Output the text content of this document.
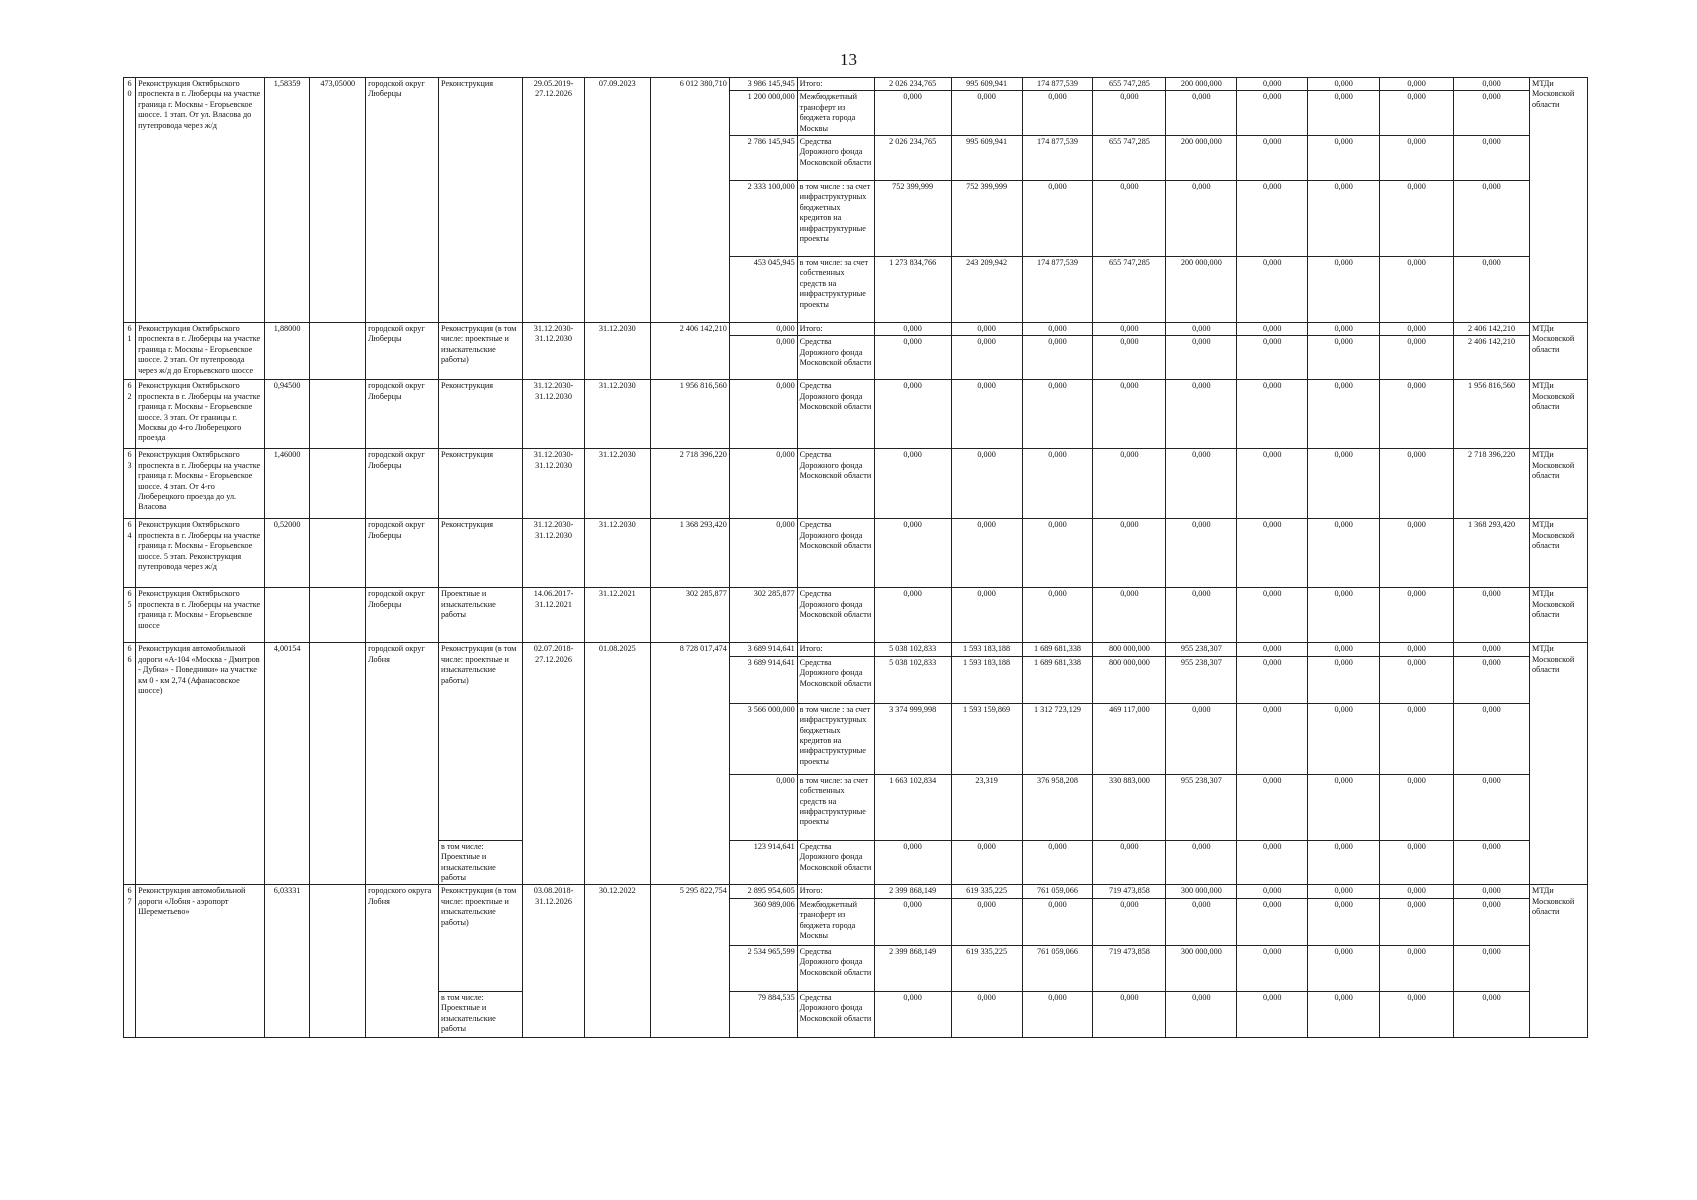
13
60	Реконструкция Октябрьского проспекта в г. Люберцы на участке граница г. Москвы - Егорьевское шоссе. 1 этап. От ул. Власова до путепровода через ж/д	1,58359	473,05000	городской округ Люберцы	Реконструкция	29.05.2019-27.12.2026	07.09.2023	6 012 380,710	3 986 145,945	Итого:	2 026 234,765	995 609,941	174 877,539	655 747,285	200 000,000	0,000	0,000	0,000	0,000	МТДи Московской области
									1 200 000,000	Межбюджетный трансферт из бюджета города Москвы	0,000	0,000	0,000	0,000	0,000	0,000	0,000	0,000	0,000	
									2 786 145,945	Средства Дорожного фонда Московской области	2 026 234,765	995 609,941	174 877,539	655 747,285	200 000,000	0,000	0,000	0,000	0,000	
									2 333 100,000	в том числе : за счет инфраструктурных бюджетных кредитов на инфраструктурные проекты	752 399,999	752 399,999	0,000	0,000	0,000	0,000	0,000	0,000	0,000	
									453 045,945	в том числе: за счет собственных средств на инфраструктурные проекты	1 273 834,766	243 209,942	174 877,539	655 747,285	200 000,000	0,000	0,000	0,000	0,000	
61	Реконструкция Октябрьского проспекта в г. Люберцы на участке граница г. Москвы - Егорьевское шоссе. 2 этап. От путепровода через ж/д до Егорьевского шоссе	1,88000		городской округ Люберцы	Реконструкция (в том числе: проектные и изыскательские работы)	31.12.2030-31.12.2030	31.12.2030	2 406 142,210	0,000	Итого:	0,000	0,000	0,000	0,000	0,000	0,000	0,000	0,000	2 406 142,210	МТДи Московской области
									0,000	Средства Дорожного фонда Московской области	0,000	0,000	0,000	0,000	0,000	0,000	0,000	0,000	2 406 142,210	
62	Реконструкция Октябрьского проспекта в г. Люберцы на участке граница г. Москвы - Егорьевское шоссе. 3 этап. От границы г. Москвы до 4-го Люберецкого проезда	0,94500		городской округ Люберцы	Реконструкция	31.12.2030-31.12.2030	31.12.2030	1 956 816,560	0,000	Средства Дорожного фонда Московской области	0,000	0,000	0,000	0,000	0,000	0,000	0,000	0,000	1 956 816,560	МТДи Московской области
63	Реконструкция Октябрьского проспекта в г. Люберцы на участке граница г. Москвы - Егорьевское шоссе. 4 этап. От 4-го Люберецкого проезда до ул. Власова	1,46000		городской округ Люберцы	Реконструкция	31.12.2030-31.12.2030	31.12.2030	2 718 396,220	0,000	Средства Дорожного фонда Московской области	0,000	0,000	0,000	0,000	0,000	0,000	0,000	0,000	2 718 396,220	МТДи Московской области
64	Реконструкция Октябрьского проспекта в г. Люберцы на участке граница г. Москвы - Егорьевское шоссе. 5 этап. Реконструкция путепровода через ж/д	0,52000		городской округ Люберцы	Реконструкция	31.12.2030-31.12.2030	31.12.2030	1 368 293,420	0,000	Средства Дорожного фонда Московской области	0,000	0,000	0,000	0,000	0,000	0,000	0,000	0,000	1 368 293,420	МТДи Московской области
65	Реконструкция Октябрьского проспекта в г. Люберцы на участке граница г. Москвы - Егорьевское шоссе			городской округ Люберцы	Проектные и изыскательские работы	14.06.2017-31.12.2021	31.12.2021	302 285,877	302 285,877	Средства Дорожного фонда Московской области	0,000	0,000	0,000	0,000	0,000	0,000	0,000	0,000	0,000	МТДи Московской области
66	Реконструкция автомобильной дороги «А-104 «Москва - Дмитров - Дубна» - Поведники» на участке км 0 - км 2,74 (Афанасовское шоссе)	4,00154		городской округ Лобня	Реконструкция (в том числе: проектные и изыскательские работы)	02.07.2018-27.12.2026	01.08.2025	8 728 017,474	3 689 914,641	Итого:	5 038 102,833	1 593 183,188	1 689 681,338	800 000,000	955 238,307	0,000	0,000	0,000	0,000	МТДи Московской области
									3 689 914,641	Средства Дорожного фонда Московской области	5 038 102,833	1 593 183,188	1 689 681,338	800 000,000	955 238,307	0,000	0,000	0,000	0,000	
									3 566 000,000	в том числе : за счет инфраструктурных бюджетных кредитов на инфраструктурные проекты	3 374 999,998	1 593 159,869	1 312 723,129	469 117,000	0,000	0,000	0,000	0,000	0,000	
									0,000	в том числе: за счет собственных средств на инфраструктурные проекты	1 663 102,834	23,319	376 958,208	330 883,000	955 238,307	0,000	0,000	0,000	0,000	
					в том числе: Проектные и изыскательские работы				123 914,641	Средства Дорожного фонда Московской области	0,000	0,000	0,000	0,000	0,000	0,000	0,000	0,000	0,000	
67	Реконструкция автомобильной дороги «Лобня - аэропорт Шереметьево»	6,03331		городского округа Лобня	Реконструкция (в том числе: проектные и изыскательские работы)	03.08.2018-31.12.2026	30.12.2022	5 295 822,754	2 895 954,605	Итого:	2 399 868,149	619 335,225	761 059,066	719 473,858	300 000,000	0,000	0,000	0,000	0,000	МТДи Московской области
									360 989,006	Межбюджетный трансферт из бюджета города Москвы	0,000	0,000	0,000	0,000	0,000	0,000	0,000	0,000	0,000	
									2 534 965,599	Средства Дорожного фонда Московской области	2 399 868,149	619 335,225	761 059,066	719 473,858	300 000,000	0,000	0,000	0,000	0,000	
					в том числе: Проектные и изыскательские работы				79 884,535	Средства Дорожного фонда Московской области	0,000	0,000	0,000	0,000	0,000	0,000	0,000	0,000	0,000	
